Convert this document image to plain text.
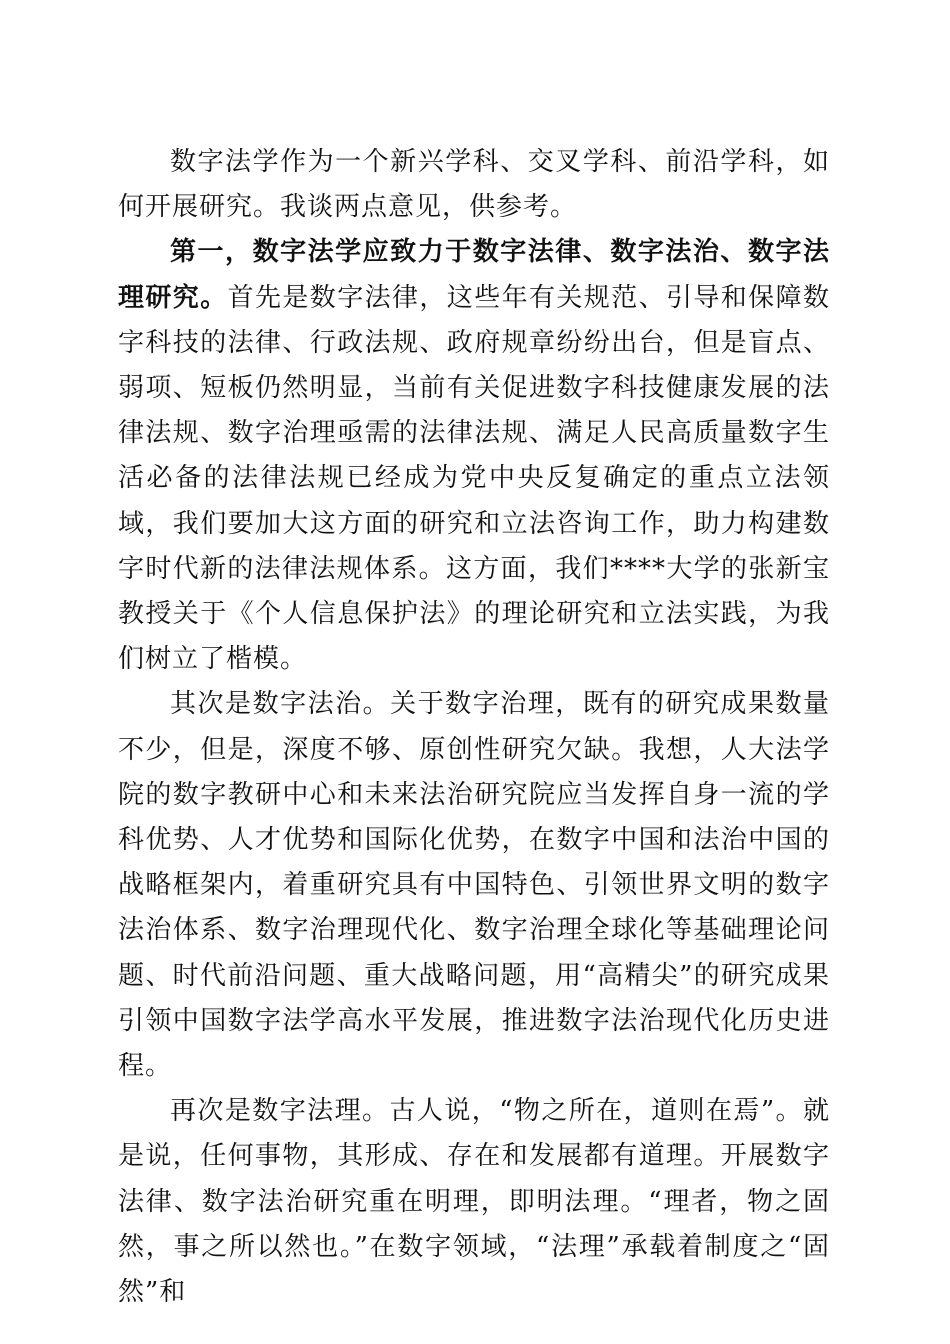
数字法学作为一个新兴学科、交叉学科、前沿学科，如何开展研究。我谈两点意见，供参考。

第一，数字法学应致力于数字法律、数字法治、数字法理研究。首先是数字法律，这些年有关规范、引导和保障数字科技的法律、行政法规、政府规章纷纷出台，但是盲点、弱项、短板仍然明显，当前有关促进数字科技健康发展的法律法规、数字治理亟需的法律法规、满足人民高质量数字生活必备的法律法规已经成为党中央反复确定的重点立法领域，我们要加大这方面的研究和立法咨询工作，助力构建数字时代新的法律法规体系。这方面，我们****大学的张新宝教授关于《个人信息保护法》的理论研究和立法实践，为我们树立了楷模。

其次是数字法治。关于数字治理，既有的研究成果数量不少，但是，深度不够、原创性研究欠缺。我想，人大法学院的数字教研中心和未来法治研究院应当发挥自身一流的学科优势、人才优势和国际化优势，在数字中国和法治中国的战略框架内，着重研究具有中国特色、引领世界文明的数字法治体系、数字治理现代化、数字治理全球化等基础理论问题、时代前沿问题、重大战略问题，用“高精尖”的研究成果引领中国数字法学高水平发展，推进数字法治现代化历史进程。

再次是数字法理。古人说，“物之所在，道则在焉”。就是说，任何事物，其形成、存在和发展都有道理。开展数字法律、数字法治研究重在明理，即明法理。“理者，物之固然，事之所以然也。”在数字领域，“法理”承载着制度之“固然”和
